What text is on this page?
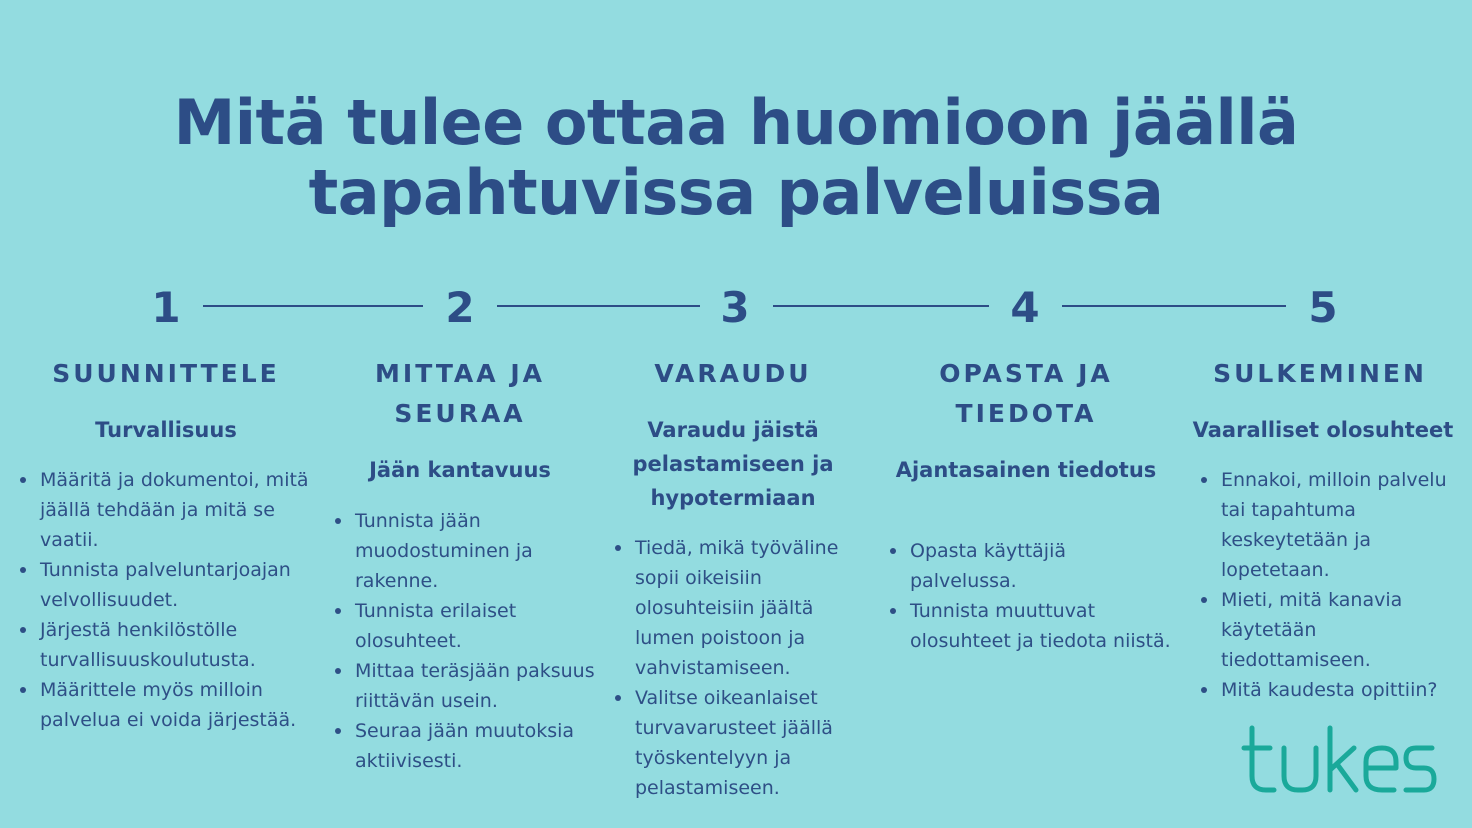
Mitä tulee ottaa huomioon jäällä
tapahtuvissa palveluissa
1	2	3	4	5
SUUNNITTELE	MITTAA JA
SEURAA
VARAUDU	OPASTA JA
TIEDOTA
SULKEMINEN
Turvallisuus
Jään kantavuus
Varaudu jäistä
pelastamiseen ja
hypotermiaan
Ajantasainen tiedotus
Vaaralliset olosuhteet
Määritä ja dokumentoi, mitä
jäällä tehdään ja mitä se
vaatii.
Tunnista palveluntarjoajan
velvollisuudet.
Järjestä henkilöstölle
turvallisuuskoulutusta.
Määrittele myös milloin
palvelua ei voida järjestää.
Tunnista jään
muodostuminen ja
rakenne.
Tunnista erilaiset
olosuhteet.
Mittaa teräsjään paksuus
riittävän usein.
Seuraa jään muutoksia
aktiivisesti.
Tiedä, mikä työväline
sopii oikeisiin
olosuhteisiin jäältä
lumen poistoon ja
vahvistamiseen.
Valitse oikeanlaiset
turvavarusteet jäällä
työskentelyyn ja
pelastamiseen.
Opasta käyttäjiä
palvelussa.
Tunnista muuttuvat
olosuhteet ja tiedota niistä.
Ennakoi, milloin palvelu
tai tapahtuma
keskeytetään ja
lopetetaan.
Mieti, mitä kanavia
käytetään
tiedottamiseen.
Mitä kaudesta opittiin?
